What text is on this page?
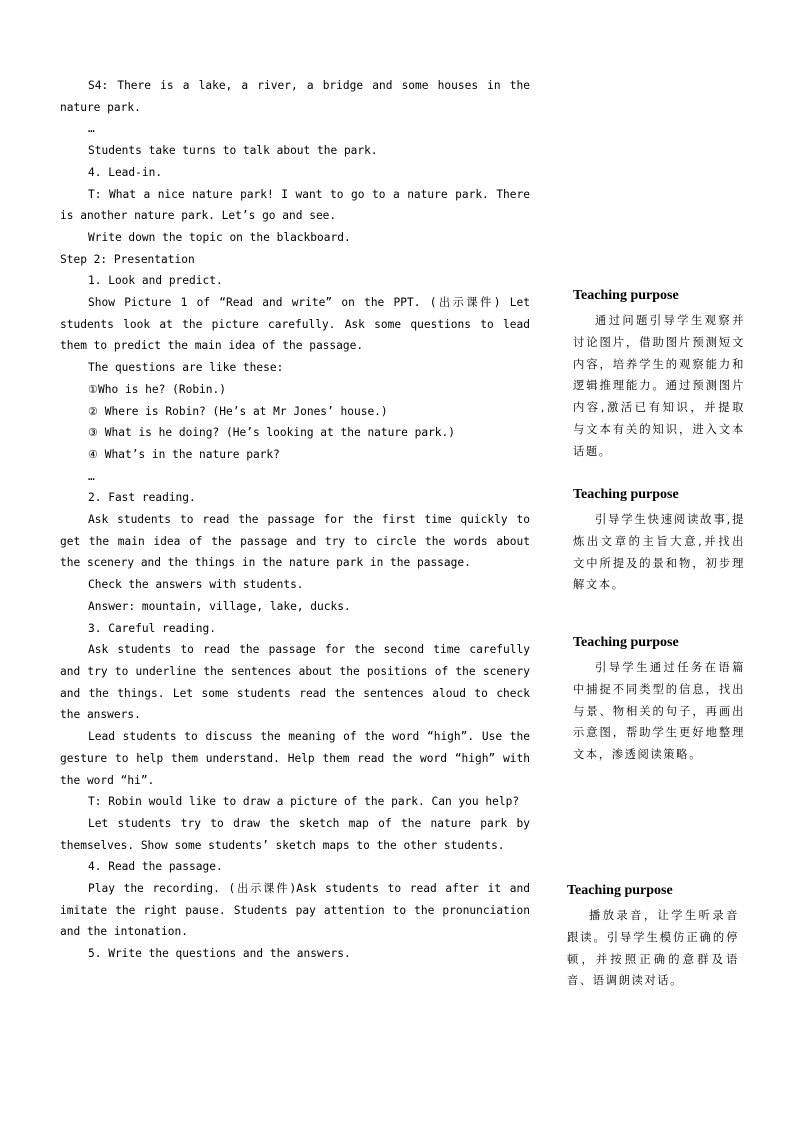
S4: There is a lake, a river, a bridge and some houses in the nature park.

…

Students take turns to talk about the park.

4. Lead-in.

T: What a nice nature park! I want to go to a nature park. There is another nature park. Let’s go and see.

Write down the topic on the blackboard.

Step 2: Presentation

1. Look and predict.

Show Picture 1 of “Read and write” on the PPT. (出示课件) Let students look at the picture carefully. Ask some questions to lead them to predict the main idea of the passage.

The questions are like these:

①Who is he? (Robin.)

② Where is Robin? (He’s at Mr Jones’ house.)

③ What is he doing? (He’s looking at the nature park.)

④ What’s in the nature park?

…

2. Fast reading.

Ask students to read the passage for the first time quickly to get the main idea of the passage and try to circle the words about the scenery and the things in the nature park in the passage.

Check the answers with students.

Answer: mountain, village, lake, ducks.

3. Careful reading.

Ask students to read the passage for the second time carefully and try to underline the sentences about the positions of the scenery and the things. Let some students read the sentences aloud to check the answers.

Lead students to discuss the meaning of the word “high”. Use the gesture to help them understand. Help them read the word “high” with the word “hi”.

T: Robin would like to draw a picture of the park. Can you help?

Let students try to draw the sketch map of the nature park by themselves. Show some students’ sketch maps to the other students.

4. Read the passage.

Play the recording. (出示课件)Ask students to read after it and imitate the right pause. Students pay attention to the pronunciation and the intonation.

5. Write the questions and the answers.

Teaching purpose

通过问题引导学生观察并讨论图片，借助图片预测短文内容，培养学生的观察能力和逻辑推理能力。通过预测图片内容,激活已有知识，并提取与文本有关的知识，进入文本话题。

Teaching purpose

引导学生快速阅读故事,提炼出文章的主旨大意,并找出文中所提及的景和物，初步理解文本。

Teaching purpose

引导学生通过任务在语篇中捕捉不同类型的信息，找出与景、物相关的句子，再画出示意图，帮助学生更好地整理文本，渗透阅读策略。

Teaching purpose

播放录音，让学生听录音跟读。引导学生模仿正确的停顿，并按照正确的意群及语音、语调朗读对话。
